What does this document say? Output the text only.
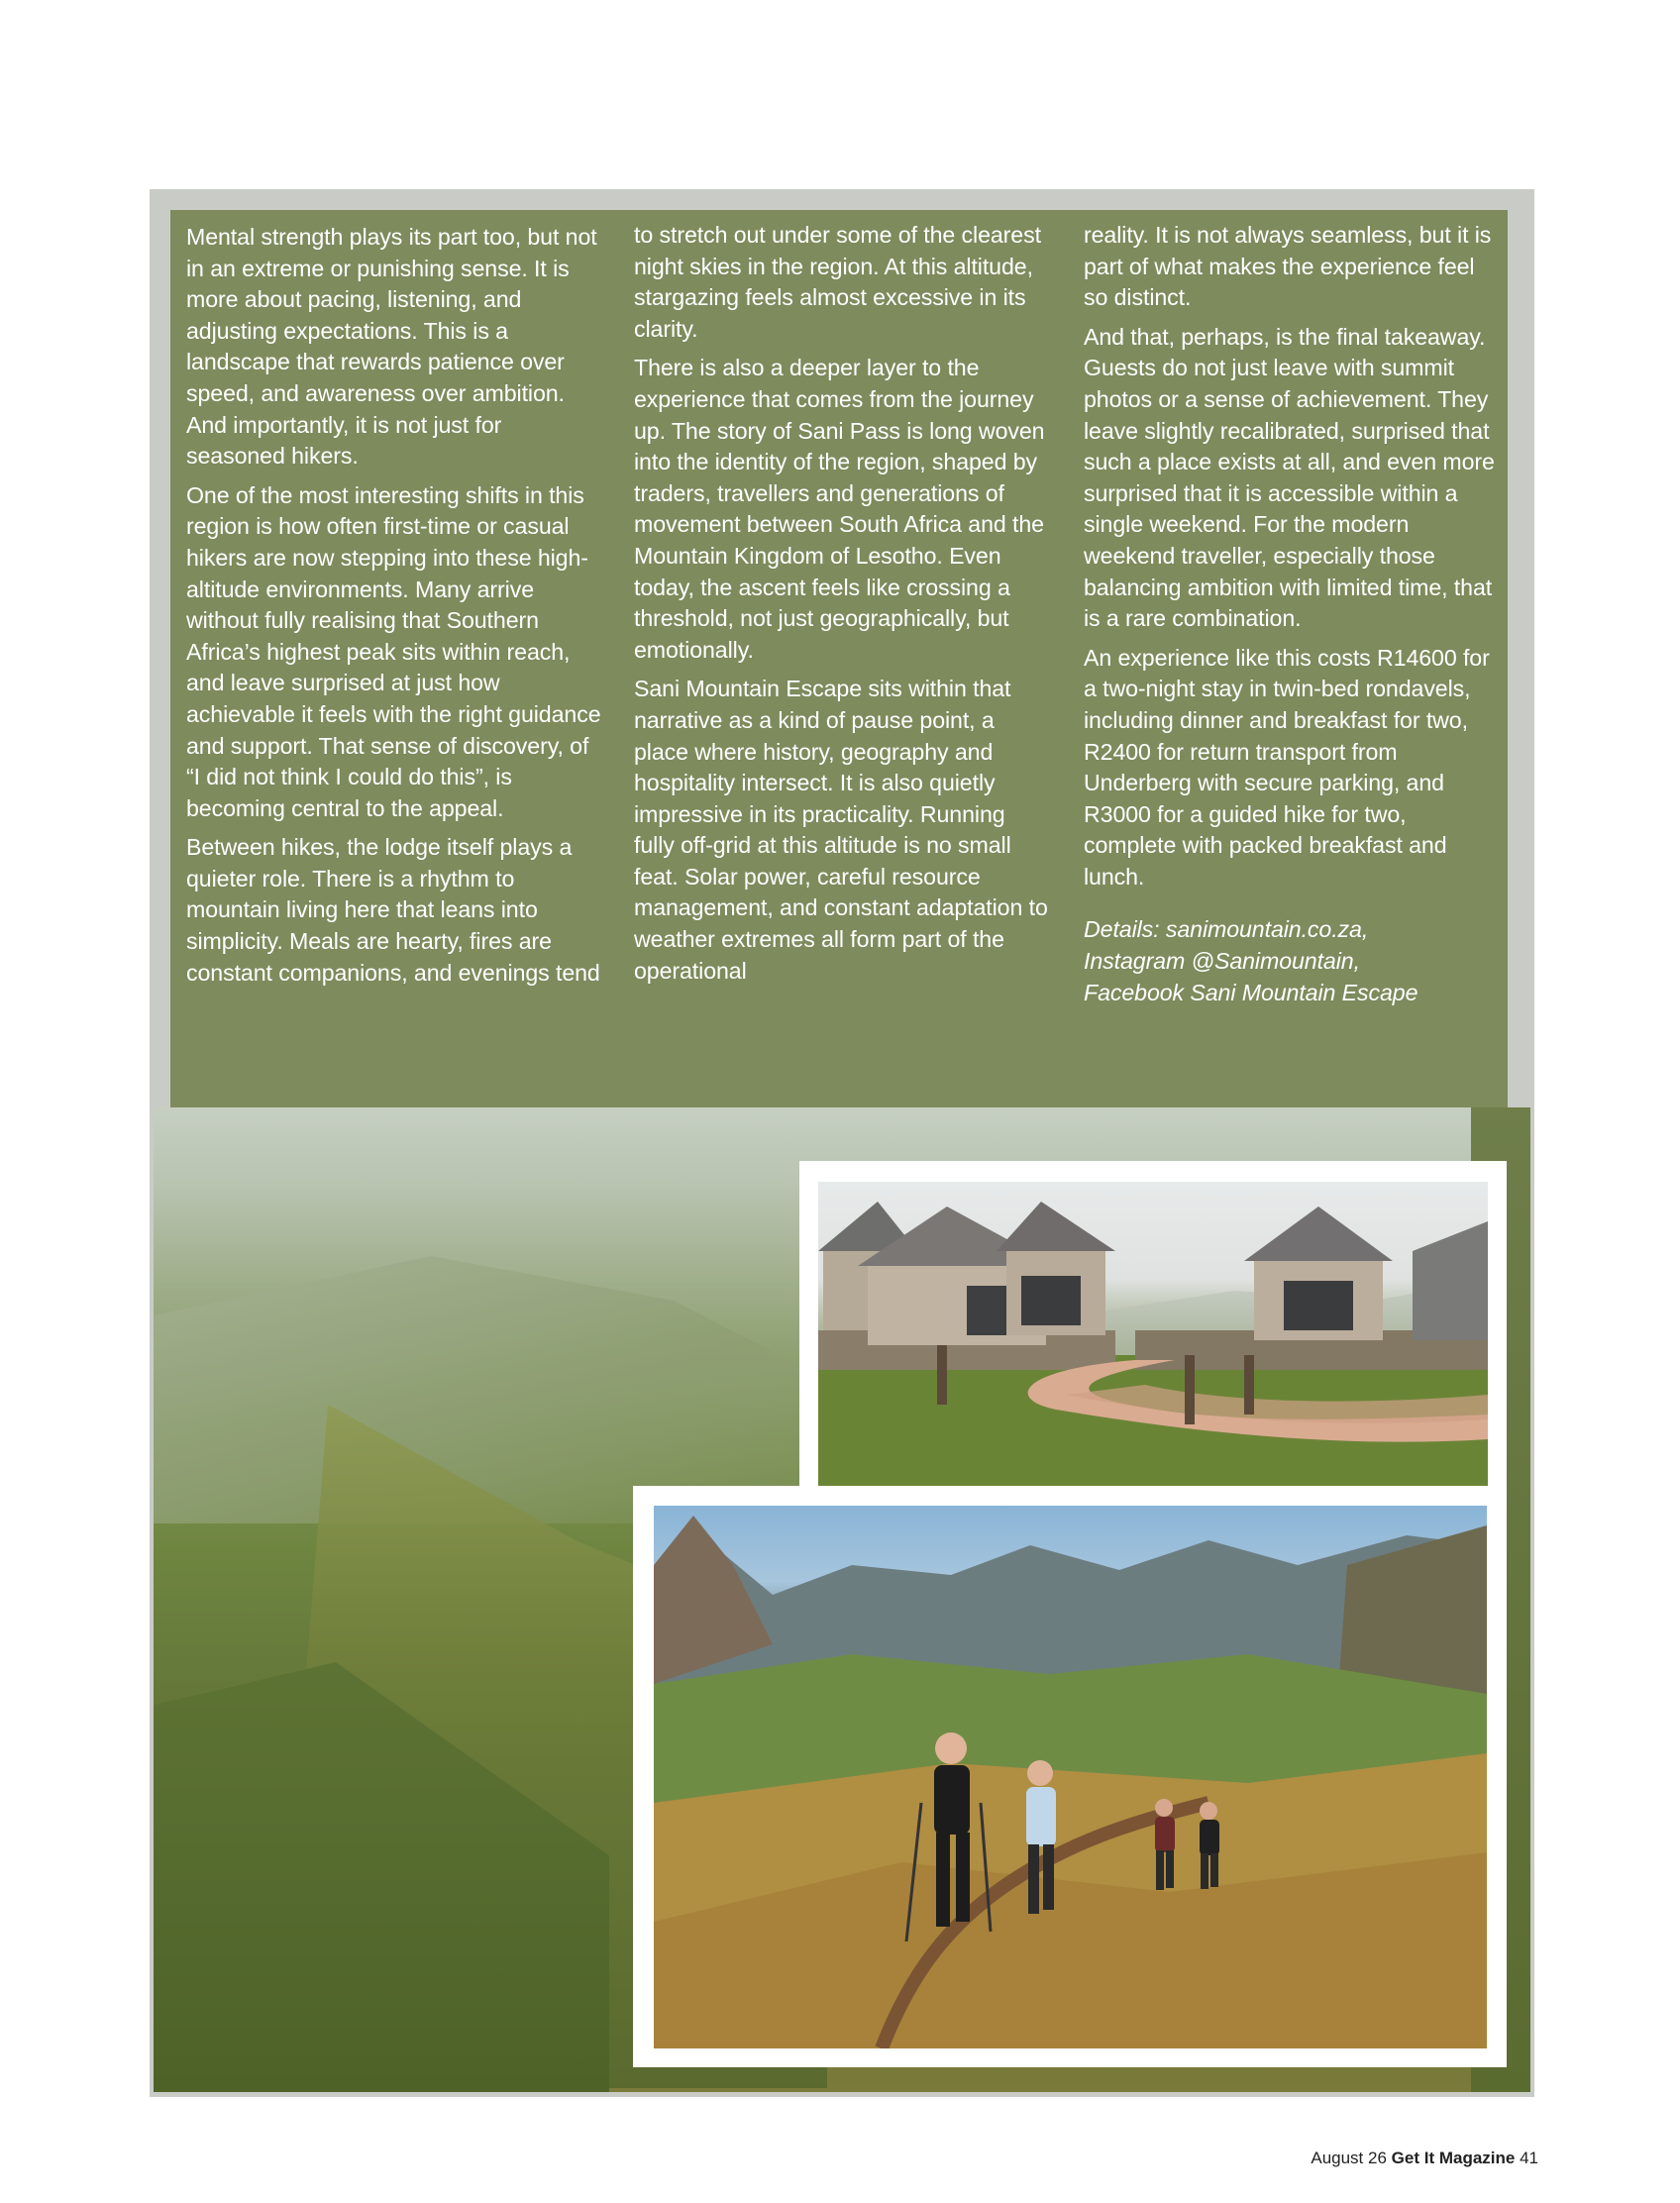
Mental strength plays its part too, but not in an extreme or punishing sense. It is more about pacing, listening, and adjusting expectations. This is a landscape that rewards patience over speed, and awareness over ambition. And importantly, it is not just for seasoned hikers.

One of the most interesting shifts in this region is how often first-time or casual hikers are now stepping into these high-altitude environments. Many arrive without fully realising that Southern Africa’s highest peak sits within reach, and leave surprised at just how achievable it feels with the right guidance and support. That sense of discovery, of “I did not think I could do this”, is becoming central to the appeal.

Between hikes, the lodge itself plays a quieter role. There is a rhythm to mountain living here that leans into simplicity. Meals are hearty, fires are constant companions, and evenings tend

to stretch out under some of the clearest night skies in the region. At this altitude, stargazing feels almost excessive in its clarity.

There is also a deeper layer to the experience that comes from the journey up. The story of Sani Pass is long woven into the identity of the region, shaped by traders, travellers and generations of movement between South Africa and the Mountain Kingdom of Lesotho. Even today, the ascent feels like crossing a threshold, not just geographically, but emotionally.

Sani Mountain Escape sits within that narrative as a kind of pause point, a place where history, geography and hospitality intersect. It is also quietly impressive in its practicality. Running fully off-grid at this altitude is no small feat. Solar power, careful resource management, and constant adaptation to weather extremes all form part of the operational

reality. It is not always seamless, but it is part of what makes the experience feel so distinct.

And that, perhaps, is the final takeaway. Guests do not just leave with summit photos or a sense of achievement. They leave slightly recalibrated, surprised that such a place exists at all, and even more surprised that it is accessible within a single weekend. For the modern weekend traveller, especially those balancing ambition with limited time, that is a rare combination.

An experience like this costs R14600 for a two-night stay in twin-bed rondavels, including dinner and breakfast for two, R2400 for return transport from Underberg with secure parking, and R3000 for a guided hike for two, complete with packed breakfast and lunch.

Details: sanimountain.co.za,
Instagram @Sanimountain,
Facebook Sani Mountain Escape

August 26 Get It Magazine 41
